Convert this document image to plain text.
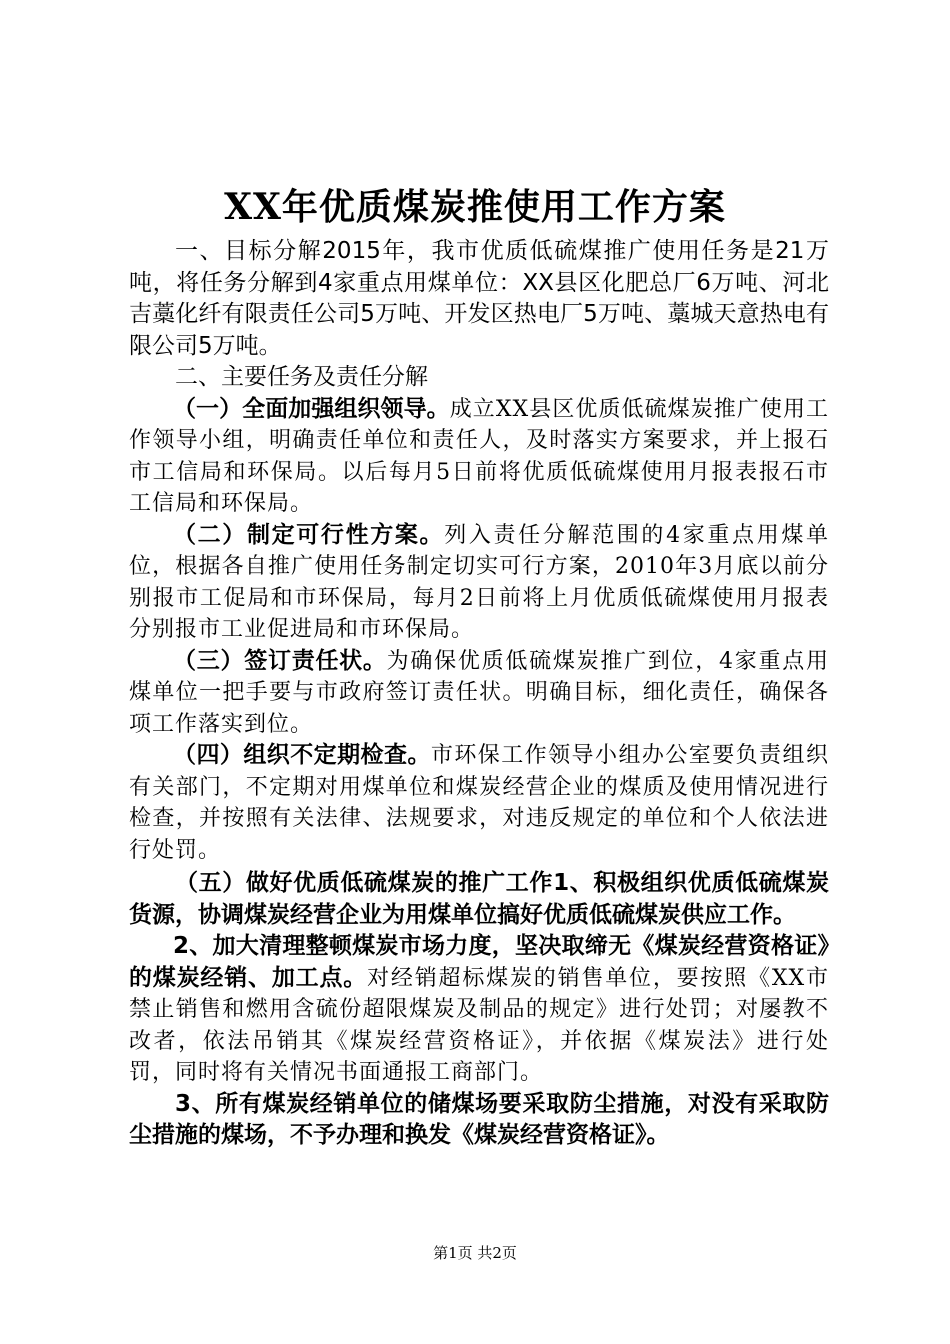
XX年优质煤炭推使用工作方案

一、目标分解2015年，我市优质低硫煤推广使用任务是21万吨，将任务分解到4家重点用煤单位：XX县区化肥总厂6万吨、河北吉藁化纤有限责任公司5万吨、开发区热电厂5万吨、藁城天意热电有限公司5万吨。

二、主要任务及责任分解

（一）全面加强组织领导。成立XX县区优质低硫煤炭推广使用工作领导小组，明确责任单位和责任人，及时落实方案要求，并上报石市工信局和环保局。以后每月5日前将优质低硫煤使用月报表报石市工信局和环保局。

（二）制定可行性方案。列入责任分解范围的4家重点用煤单位，根据各自推广使用任务制定切实可行方案，2010年3月底以前分别报市工促局和市环保局，每月2日前将上月优质低硫煤使用月报表分别报市工业促进局和市环保局。

（三）签订责任状。为确保优质低硫煤炭推广到位，4家重点用煤单位一把手要与市政府签订责任状。明确目标，细化责任，确保各项工作落实到位。

（四）组织不定期检查。市环保工作领导小组办公室要负责组织有关部门，不定期对用煤单位和煤炭经营企业的煤质及使用情况进行检查，并按照有关法律、法规要求，对违反规定的单位和个人依法进行处罚。

（五）做好优质低硫煤炭的推广工作1、积极组织优质低硫煤炭货源，协调煤炭经营企业为用煤单位搞好优质低硫煤炭供应工作。

2、加大清理整顿煤炭市场力度，坚决取缔无《煤炭经营资格证》的煤炭经销、加工点。对经销超标煤炭的销售单位，要按照《XX市禁止销售和燃用含硫份超限煤炭及制品的规定》进行处罚；对屡教不改者，依法吊销其《煤炭经营资格证》，并依据《煤炭法》进行处罚，同时将有关情况书面通报工商部门。

3、所有煤炭经销单位的储煤场要采取防尘措施，对没有采取防尘措施的煤场，不予办理和换发《煤炭经营资格证》。

第1页 共2页
